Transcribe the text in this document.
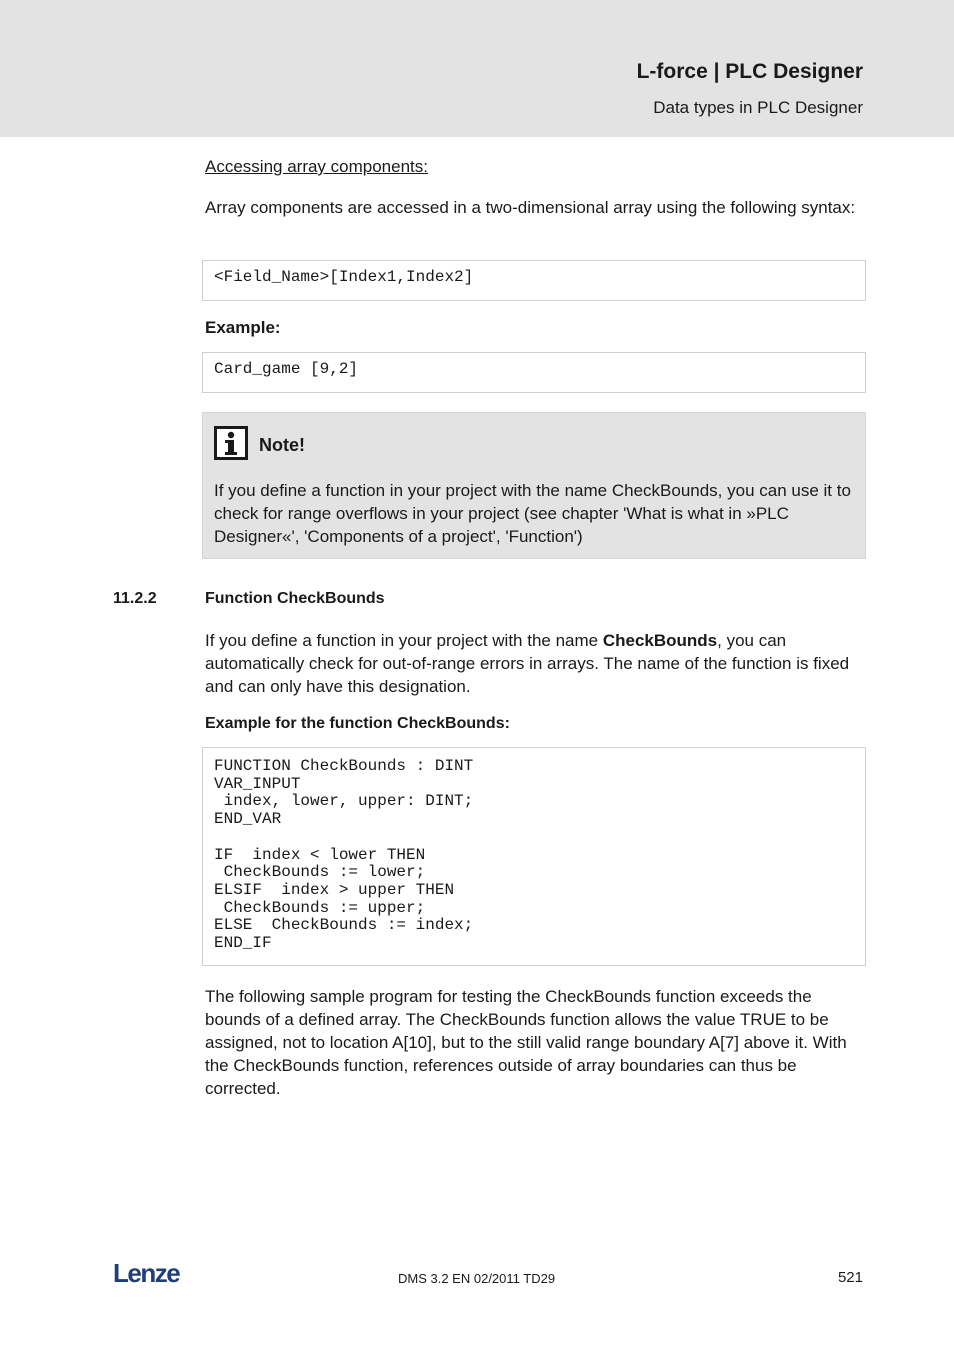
L-force | PLC Designer
Data types in PLC Designer
Accessing array components:
Array components are accessed in a two-dimensional array using the following syntax:
<Field_Name>[Index1,Index2]
Example:
Card_game [9,2]
Note!
If you define a function in your project with the name CheckBounds, you can use it to check for range overflows in your project (see chapter 'What is what in »PLC Designer«', 'Components of a project', 'Function')
11.2.2	Function CheckBounds
If you define a function in your project with the name CheckBounds, you can automatically check for out-of-range errors in arrays. The name of the function is fixed and can only have this designation.
Example for the function CheckBounds:
FUNCTION CheckBounds : DINT
VAR_INPUT
index, lower, upper: DINT;
END_VAR

IF  index < lower THEN
CheckBounds := lower;
ELSIF  index > upper THEN
CheckBounds := upper;
ELSE  CheckBounds := index;
END_IF
The following sample program for testing the CheckBounds function exceeds the bounds of a defined array. The CheckBounds function allows the value TRUE to be assigned, not to location A[10], but to the still valid range boundary A[7] above it. With the CheckBounds function, references outside of array boundaries can thus be corrected.
Lenze	DMS 3.2 EN 02/2011 TD29	521
